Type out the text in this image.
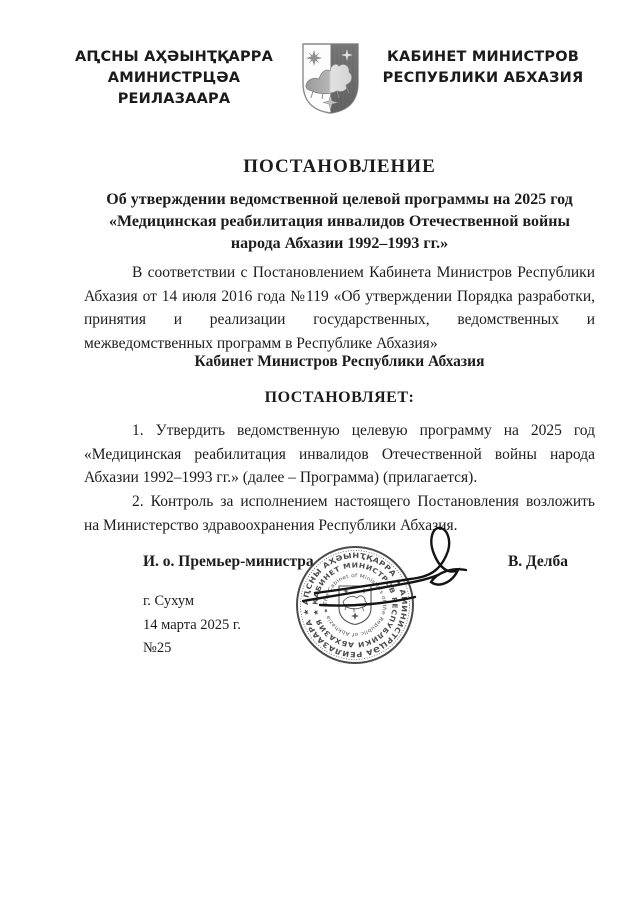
АԤСНЫ АҲӘЫНҬҚАРРА
АМИНИСТРЦӘА РЕИЛАЗААРА
КАБИНЕТ МИНИСТРОВ
РЕСПУБЛИКИ АБХАЗИЯ
ПОСТАНОВЛЕНИЕ
Об утверждении ведомственной целевой программы на 2025 год
«Медицинская реабилитация инвалидов Отечественной войны
народа Абхазии 1992–1993 гг.»
В соответствии с Постановлением Кабинета Министров Республики Абхазия от 14 июля 2016 года №119 «Об утверждении Порядка разработки, принятия и реализации государственных, ведомственных и межведомственных программ в Республике Абхазия»
Кабинет Министров Республики Абхазия
ПОСТАНОВЛЯЕТ:

1. Утвердить ведомственную целевую программу на 2025 год «Медицинская реабилитация инвалидов Отечественной войны народа Абхазии 1992–1993 гг.» (далее – Программа) (прилагается).

2. Контроль за исполнением настоящего Постановления возложить на Министерство здравоохранения Республики Абхазия.

И. о. Премьер-министра	В. Делба
АԤСНЫ АҲӘЫНҬҚАРРА ★ АМИНИСТРЦӘА РЕИЛАЗААРА ★
КАБИНЕТ МИНИСТРОВ РЕСПУБЛИКИ АБХАЗИЯ ★
The Cabinet of Ministers of the Republic of Abkhazia ★
г. Сухум
14 марта 2025 г.
№25
